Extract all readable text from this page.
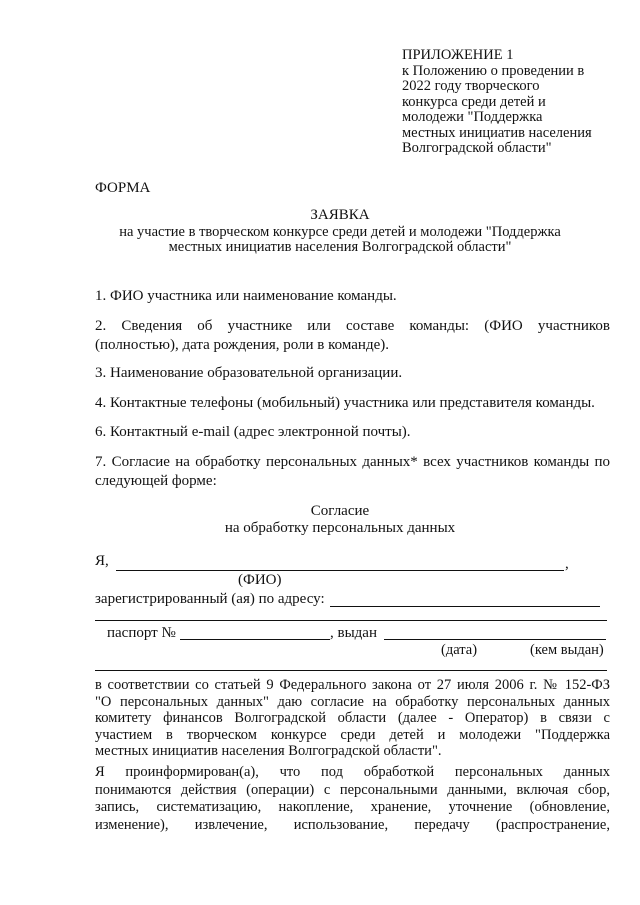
ПРИЛОЖЕНИЕ 1
к Положению о проведении в
2022 году творческого
конкурса среди детей и
молодежи "Поддержка
местных инициатив населения
Волгоградской области"
ФОРМА
ЗАЯВКА
на участие в творческом конкурсе среди детей и молодежи "Поддержка
местных инициатив населения Волгоградской области"
1. ФИО участника или наименование команды.
2. Сведения об участнике или составе команды: (ФИО участников
(полностью), дата рождения, роли в команде).
3. Наименование образовательной организации.
4. Контактные телефоны (мобильный) участника или представителя команды.
6. Контактный e-mail (адрес электронной почты).
7. Согласие на обработку персональных данных* всех участников команды по
следующей форме:
Согласие
на обработку персональных данных
Я,	,
(ФИО)
зарегистрированный (ая) по адресу:
паспорт №	, выдан
(дата)	(кем выдан)
в соответствии со статьей 9 Федерального закона от 27 июля 2006 г. № 152-ФЗ
"О персональных данных" даю согласие на обработку персональных данных
комитету финансов Волгоградской области (далее - Оператор) в связи с
участием в творческом конкурсе среди детей и молодежи "Поддержка
местных инициатив населения Волгоградской области".
Я проинформирован(а), что под обработкой персональных данных
понимаются действия (операции) с персональными данными, включая сбор,
запись, систематизацию, накопление, хранение, уточнение (обновление,
изменение), извлечение, использование, передачу (распространение,
